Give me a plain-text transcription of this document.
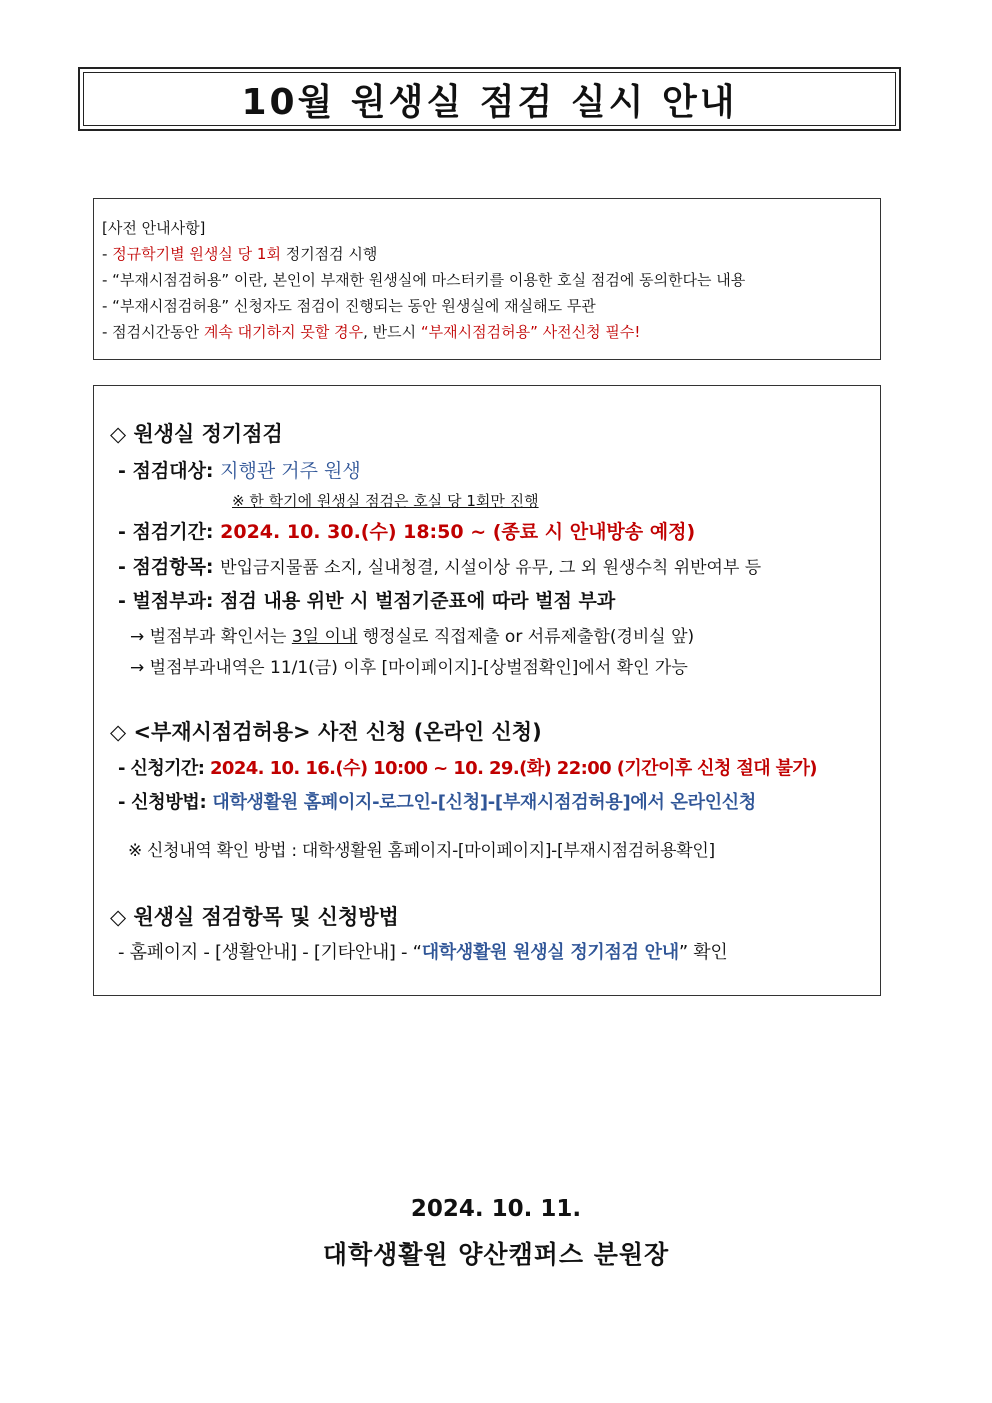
10월 원생실 점검 실시 안내
[사전 안내사항]
- 정규학기별 원생실 당 1회 정기점검 시행
- “부재시점검허용” 이란, 본인이 부재한 원생실에 마스터키를 이용한 호실 점검에 동의한다는 내용
- “부재시점검허용” 신청자도 점검이 진행되는 동안 원생실에 재실해도 무관
- 점검시간동안 계속 대기하지 못할 경우, 반드시 “부재시점검허용” 사전신청 필수!
◇ 원생실 정기점검
- 점검대상: 지행관 거주 원생
※ 한 학기에 원생실 점검은 호실 당 1회만 진행
- 점검기간: 2024. 10. 30.(수) 18:50 ~ (종료 시 안내방송 예정)
- 점검항목: 반입금지물품 소지, 실내청결, 시설이상 유무, 그 외 원생수칙 위반여부 등
- 벌점부과: 점검 내용 위반 시 벌점기준표에 따라 벌점 부과
→ 벌점부과 확인서는 3일 이내 행정실로 직접제출 or 서류제출함(경비실 앞)
→ 벌점부과내역은 11/1(금) 이후 [마이페이지]-[상벌점확인]에서 확인 가능
◇ <부재시점검허용> 사전 신청 (온라인 신청)
- 신청기간: 2024. 10. 16.(수) 10:00 ~ 10. 29.(화) 22:00 (기간이후 신청 절대 불가)
- 신청방법: 대학생활원 홈페이지-로그인-[신청]-[부재시점검허용]에서 온라인신청
※ 신청내역 확인 방법 : 대학생활원 홈페이지-[마이페이지]-[부재시점검허용확인]
◇ 원생실 점검항목 및 신청방법
- 홈페이지 - [생활안내] - [기타안내] - “대학생활원 원생실 정기점검 안내” 확인
2024. 10. 11.
대학생활원 양산캠퍼스 분원장
